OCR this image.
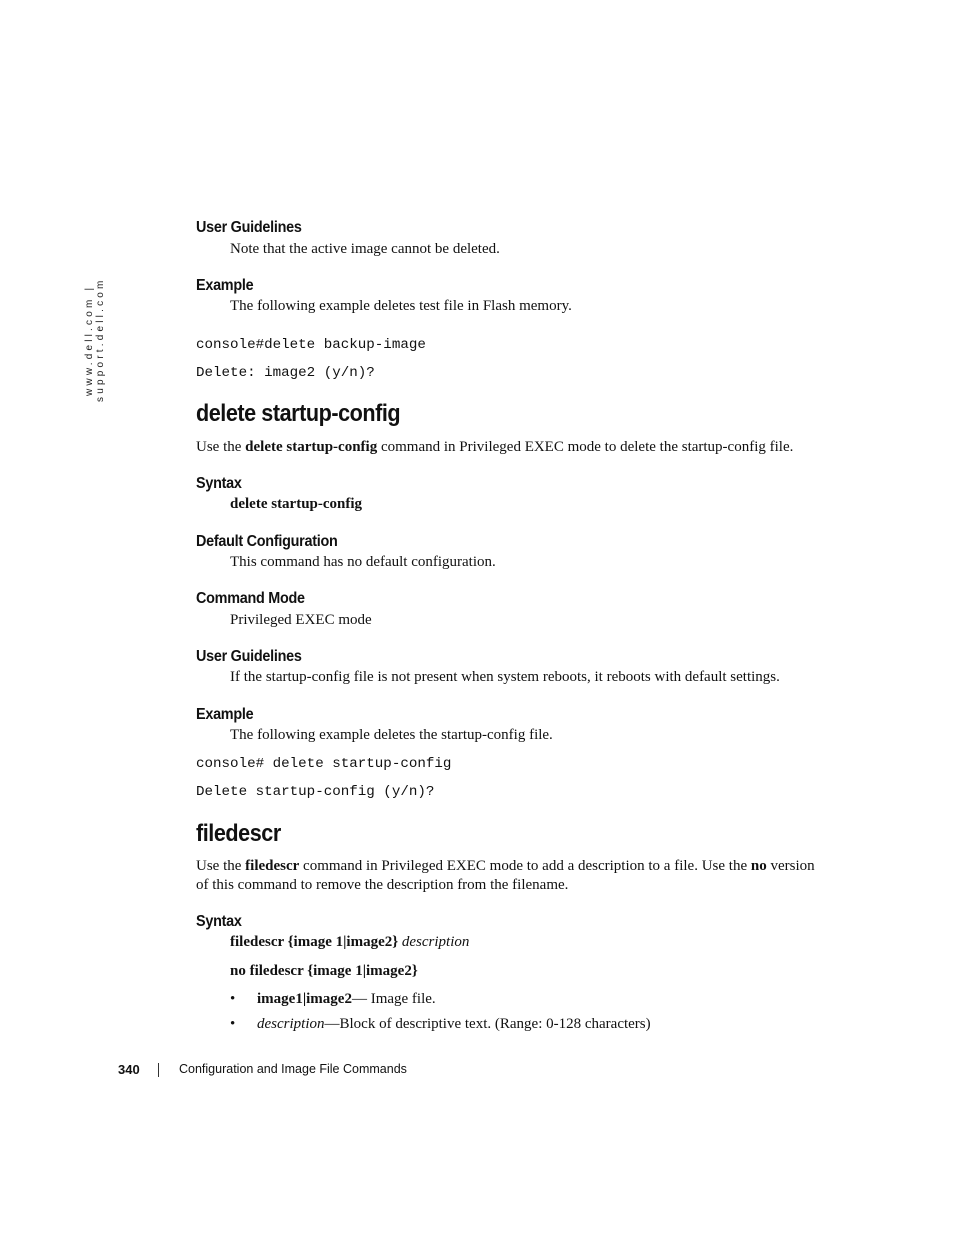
www.dell.com | support.dell.com
User Guidelines
Note that the active image cannot be deleted.
Example
The following example deletes test file in Flash memory.
console#delete backup-image
Delete: image2 (y/n)?
delete startup-config
Use the delete startup-config command in Privileged EXEC mode to delete the startup-config file.
Syntax
delete startup-config
Default Configuration
This command has no default configuration.
Command Mode
Privileged EXEC mode
User Guidelines
If the startup-config file is not present when system reboots, it reboots with default settings.
Example
The following example deletes the startup-config file.
console# delete startup-config
Delete startup-config (y/n)?
filedescr
Use the filedescr command in Privileged EXEC mode to add a description to a file. Use the no version of this command to remove the description from the filename.
Syntax
filedescr {image 1|image2} description
no filedescr {image 1|image2}
• image1|image2— Image file.
• description—Block of descriptive text. (Range: 0-128 characters)
340	Configuration and Image File Commands
